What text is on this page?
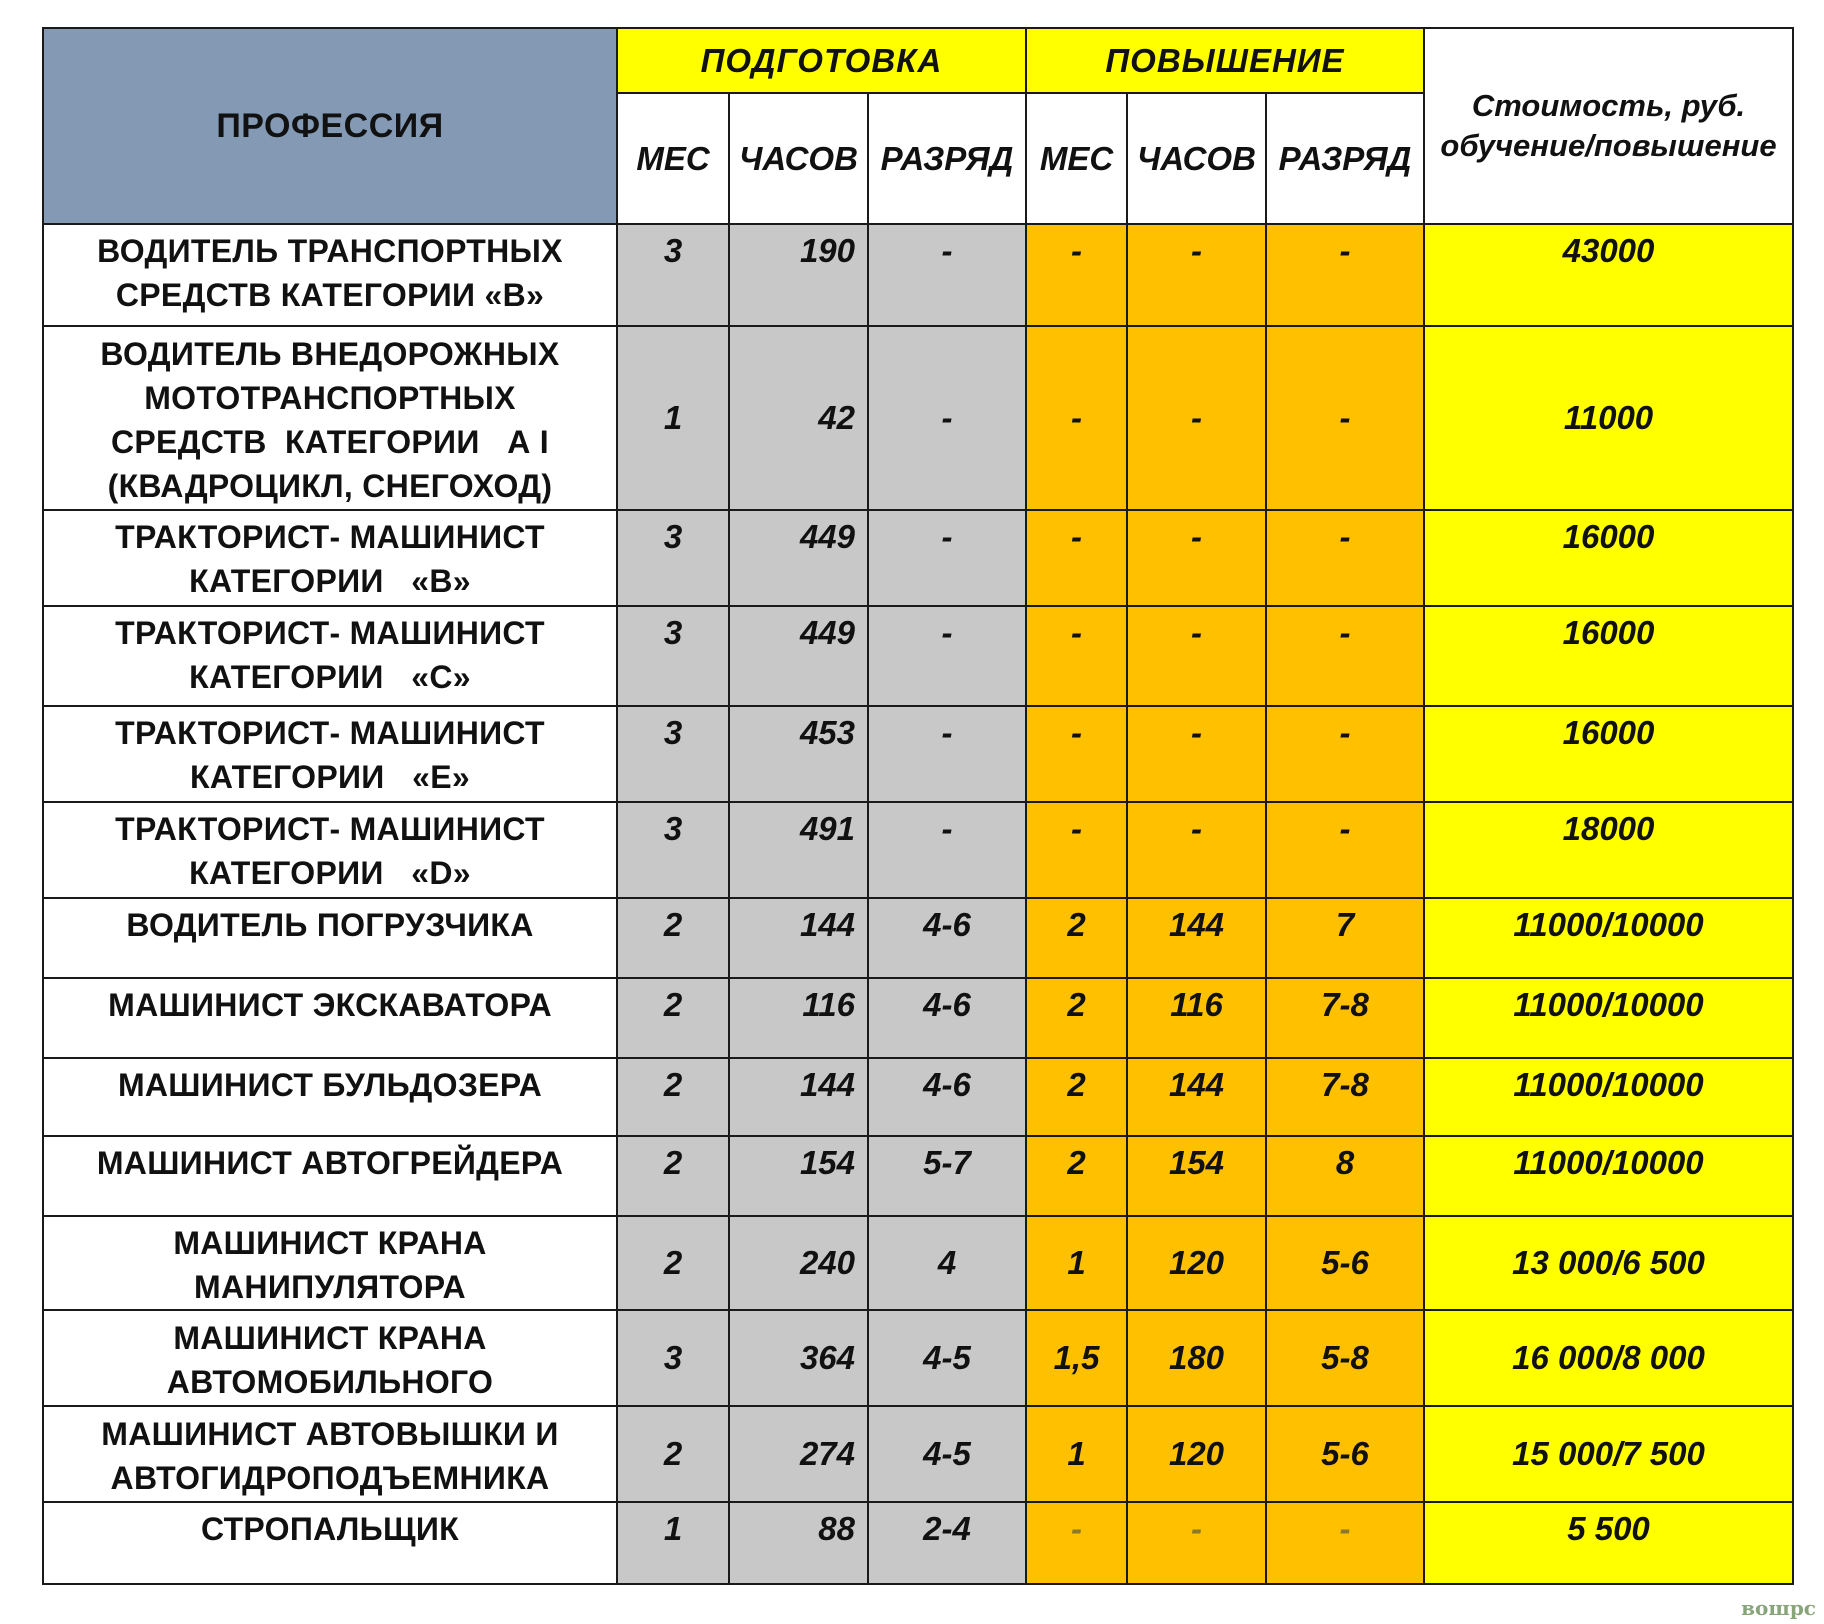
ПРОФЕССИЯ	ПОДГОТОВКА			ПОВЫШЕНИЕ			Стоимость, руб.
обучение/повышение

	МЕС	ЧАСОВ	РАЗРЯД	МЕС	ЧАСОВ	РАЗРЯД	

ВОДИТЕЛЬ ТРАНСПОРТНЫХ
СРЕДСТВ КАТЕГОРИИ «В»	3	190	-	-	-	-	43000

ВОДИТЕЛЬ ВНЕДОРОЖНЫХ
МОТОТРАНСПОРТНЫХ
СРЕДСТВ  КАТЕГОРИИ   А I
(КВАДРОЦИКЛ, СНЕГОХОД)	1	42	-	-	-	-	11000

ТРАКТОРИСТ- МАШИНИСТ
КАТЕГОРИИ   «В»	3	449	-	-	-	-	16000

ТРАКТОРИСТ- МАШИНИСТ
КАТЕГОРИИ   «С»	3	449	-	-	-	-	16000

ТРАКТОРИСТ- МАШИНИСТ
КАТЕГОРИИ   «Е»	3	453	-	-	-	-	16000

ТРАКТОРИСТ- МАШИНИСТ
КАТЕГОРИИ   «D»	3	491	-	-	-	-	18000

ВОДИТЕЛЬ ПОГРУЗЧИКА	2	144	4-6	2	144	7	11000/10000

МАШИНИСТ ЭКСКАВАТОРА	2	116	4-6	2	116	7-8	11000/10000

МАШИНИСТ БУЛЬДОЗЕРА	2	144	4-6	2	144	7-8	11000/10000

МАШИНИСТ АВТОГРЕЙДЕРА	2	154	5-7	2	154	8	11000/10000

МАШИНИСТ КРАНА
МАНИПУЛЯТОРА	2	240	4	1	120	5-6	13 000/6 500

МАШИНИСТ КРАНА
АВТОМОБИЛЬНОГО	3	364	4-5	1,5	180	5-8	16 000/8 000

МАШИНИСТ АВТОВЫШКИ И
АВТОГИДРОПОДЪЕМНИКА	2	274	4-5	1	120	5-6	15 000/7 500

СТРОПАЛЬЩИК	1	88	2-4	-	-	-	5 500
вошрс
